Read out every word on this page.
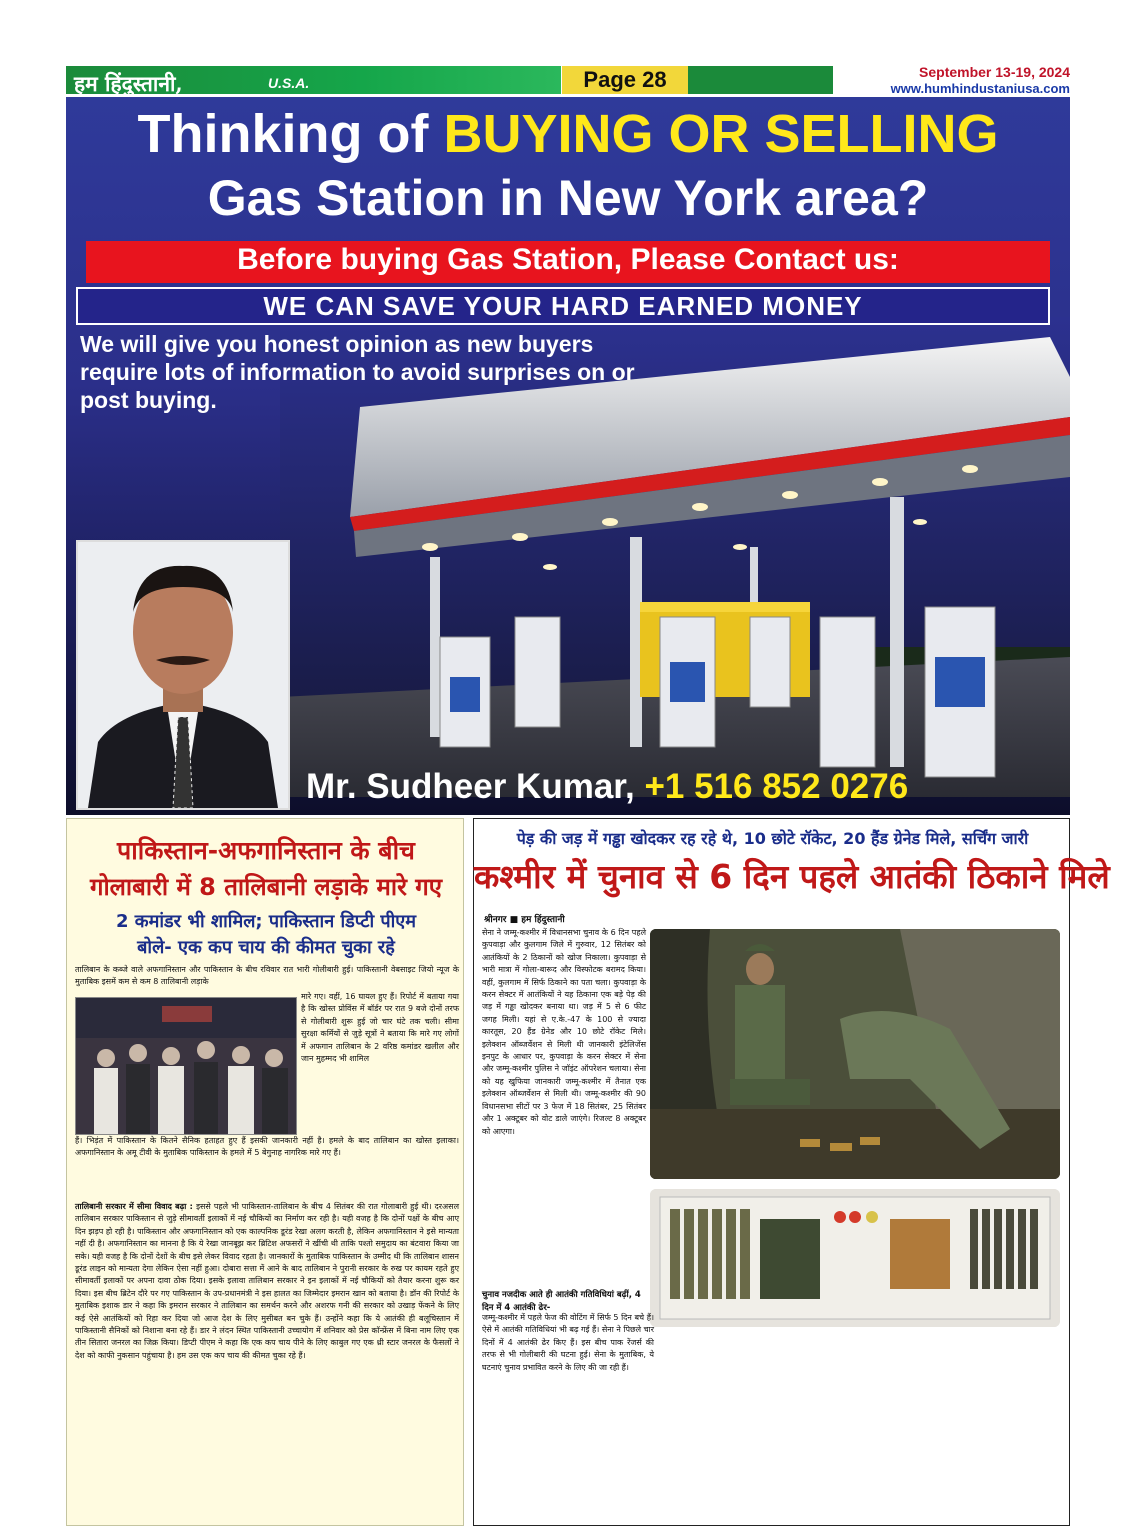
हम हिंदुस्तानी,	U.S.A.	Page 28	September 13-19, 2024
www.humhindustaniusa.com
Thinking of BUYING OR SELLING
Gas Station in New York area?
Before buying Gas Station, Please Contact us:
WE CAN SAVE YOUR HARD EARNED MONEY
We will give you honest opinion as new buyers require lots of information to avoid surprises on or post buying.
Mr. Sudheer Kumar, +1 516 852 0276
पाकिस्तान-अफगानिस्तान के बीच
गोलाबारी में 8 तालिबानी लड़ाके मारे गए
2 कमांडर भी शामिल; पाकिस्तान डिप्टी पीएम
बोले- एक कप चाय की कीमत चुका रहे
तालिबान के कब्जे वाले अफगानिस्तान और पाकिस्तान के बीच रविवार रात भारी गोलीबारी हुई। पाकिस्तानी वेबसाइट जियो न्यूज के मुताबिक इसमें कम से कम 8 तालिबानी लड़ाके
मारे गए। वहीं, 16 घायल हुए हैं। रिपोर्ट में बताया गया है कि खोस्त प्रोविंस में बॉर्डर पर रात 9 बजे दोनों तरफ से गोलीबारी शुरू हुई जो चार घंटे तक चली। सीमा सुरक्षा कर्मियों से जुड़े सूत्रों ने बताया कि मारे गए लोगों में अफगान तालिबान के 2 वरिष्ठ कमांडर खलील और जान मुहम्मद भी शामिल
हैं। भिड़ंत में पाकिस्तान के कितने सैनिक हताहत हुए हैं इसकी जानकारी नहीं है। हमले के बाद तालिबान का खोस्त इलाका। अफगानिस्तान के अमू टीवी के मुताबिक पाकिस्तान के हमले में 5 बेगुनाह नागरिक मारे गए हैं।
तालिबानी सरकार में सीमा विवाद बढ़ा : इससे पहले भी पाकिस्तान-तालिबान के बीच 4 सितंबर की रात गोलाबारी हुई थी। दरअसल तालिबान सरकार पाकिस्तान से जुड़े सीमावर्ती इलाकों में नई चौकियों का निर्माण कर रही है। यही वजह है कि दोनों पक्षों के बीच आए दिन झड़प हो रही है। पाकिस्तान और अफगानिस्तान को एक काल्पनिक डूरंड रेखा अलग करती है, लेकिन अफगानिस्तान ने इसे मान्यता नहीं दी है। अफगानिस्तान का मानना है कि ये रेखा जानबूझ कर ब्रिटिश अफसरों ने खींची थी ताकि पश्तो समुदाय का बंटवारा किया जा सके। यही वजह है कि दोनों देशों के बीच इसे लेकर विवाद रहता है। जानकारों के मुताबिक पाकिस्तान के उम्मीद थी कि तालिबान शासन डूरंड लाइन को मान्यता देगा लेकिन ऐसा नहीं हुआ। दोबारा सत्ता में आने के बाद तालिबान ने पुरानी सरकार के रुख पर कायम रहते हुए सीमावर्ती इलाकों पर अपना दावा ठोक दिया। इसके इलावा तालिबान सरकार ने इन इलाकों में नई चौकियों को तैयार करना शुरू कर दिया। इस बीच ब्रिटेन दौरे पर गए पाकिस्तान के उप-प्रधानमंत्री ने इस हालत का जिम्मेदार इमरान खान को बताया है। डॉन की रिपोर्ट के मुताबिक इशाक डार ने कहा कि इमरान सरकार ने तालिबान का समर्थन करने और अशरफ गनी की सरकार को उखाड़ फेंकने के लिए कई ऐसे आतंकियों को रिहा कर दिया जो आज देश के लिए मुसीबत बन चुके हैं। उन्होंने कहा कि ये आतंकी ही बलूचिस्तान में पाकिस्तानी सैनिकों को निशाना बना रहे हैं। डार ने लंदन स्थित पाकिस्तानी उच्चायोग में शनिवार को प्रेस कॉन्फ्रेंस में बिना नाम लिए एक तीन सितारा जनरल का जिक्र किया। डिप्टी पीएम ने कहा कि एक कप चाय पीने के लिए काबुल गए एक थ्री स्टार जनरल के फैसलों ने देश को काफी नुकसान पहुंचाया है। हम उस एक कप चाय की कीमत चुका रहे हैं।
पेड़ की जड़ में गड्ढा खोदकर रह रहे थे, 10 छोटे रॉकेट, 20 हैंड ग्रेनेड मिले, सर्चिंग जारी
कश्मीर में चुनाव से 6 दिन पहले आतंकी ठिकाने मिले
श्रीनगर ■ हम हिंदुस्तानी
सेना ने जम्मू-कश्मीर में विधानसभा चुनाव के 6 दिन पहले कुपवाड़ा और कुलगाम जिले में गुरुवार, 12 सितंबर को आतंकियों के 2 ठिकानों को खोज निकाला। कुपवाड़ा से भारी मात्रा में गोला-बारूद और विस्फोटक बरामद किया। वहीं, कुलगाम में सिर्फ ठिकाने का पता चला। कुपवाड़ा के करन सेक्टर में आतंकियों ने यह ठिकाना एक बड़े पेड़ की जड़ में गड्ढा खोदकर बनाया था। जड़ में 5 से 6 फीट जगह मिली। यहां से ए.के.-47 के 100 से ज्यादा कारतूस, 20 हैंड ग्रेनेड और 10 छोटे रॉकेट मिले। इलेक्शन ऑब्जर्वेशन से मिली थी जानकारी इंटेलिजेंस इनपुट के आधार पर, कुपवाड़ा के करन सेक्टर में सेना और जम्मू-कश्मीर पुलिस ने जॉइंट ऑपरेशन चलाया। सेना को यह खुफिया जानकारी जम्मू-कश्मीर में तैनात एक इलेक्शन ऑब्जर्वेशन से मिली थी। जम्मू-कश्मीर की 90 विधानसभा सीटों पर 3 फेज में 18 सितंबर, 25 सितंबर और 1 अक्टूबर को वोट डाले जाएंगे। रिजल्ट 8 अक्टूबर को आएगा।
चुनाव नजदीक आते ही आतंकी गतिविधियां बढ़ीं, 4 दिन में 4 आतंकी ढेर-
जम्मू-कश्मीर में पहले फेज की वोटिंग में सिर्फ 5 दिन बचे हैं। ऐसे में आतंकी गतिविधियां भी बढ़ गई हैं। सेना ने पिछले चार दिनों में 4 आतंकी ढेर किए हैं। इस बीच पाक रेंजर्स की तरफ से भी गोलीबारी की घटना हुई। सेना के मुताबिक, ये घटनाएं चुनाव प्रभावित करने के लिए की जा रही हैं।
